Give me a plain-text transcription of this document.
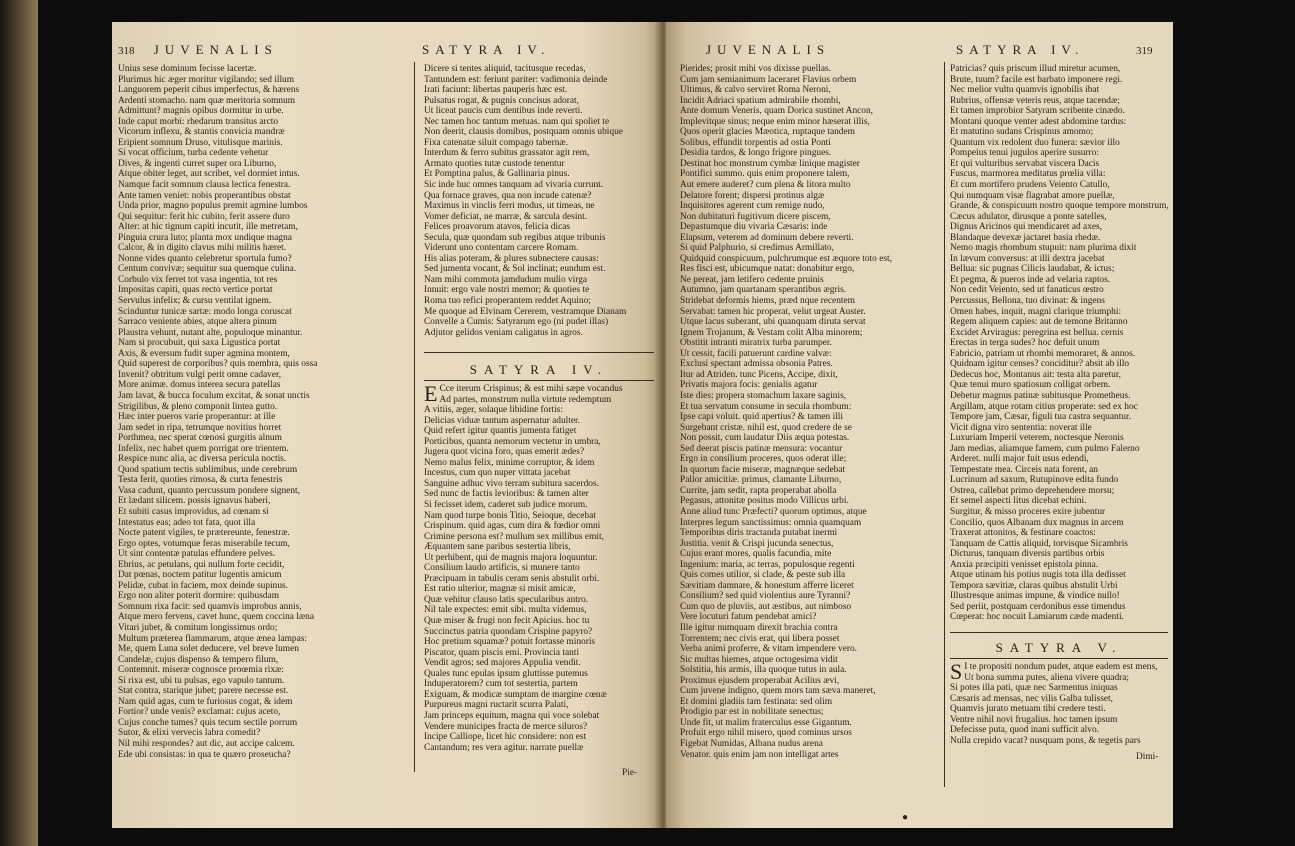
318 JUVENALIS	SATYRA IV.
Unius sese dominum fecisse lacertæ.
Plurimus hic æger moritur vigilando; sed illum
Languorem peperit cibus imperfectus, & hærens
Ardenti stomacho. nam quæ meritoria somnum
Admittunt? magnis opibus dormitur in urbe.
Inde caput morbi: rhedarum transitus arcto
Vicorum inflexu, & stantis convicia mandræ
Eripient somnum Druso, vitulisque marinis.
Si vocat officium, turba cedente vehetur
Dives, & ingenti curret super ora Liburno,
Atque obiter leget, aut scribet, vel dormiet intus.
Namque facit somnum clausa lectica fenestra.
Ante tamen veniet: nobis properantibus obstat
Unda prior, magno populus premit agmine lumbos
Qui sequitur: ferit hic cubito, ferit assere duro
Alter: at hic tignum capiti incutit, ille metretam,
Pinguia crura luto; planta mox undique magna
Calcor, & in digito clavus mihi militis hæret.
Nonne vides quanto celebretur sportula fumo?
Centum convivæ; sequitur sua quemque culina.
Corbulo vix ferret tot vasa ingentia, tot res
Impositas capiti, quas recto vertice portat
Servulus infelix; & cursu ventilat ignem.
Scinduntur tunicæ sartæ: modo longa coruscat
Sarraco veniente abies, atque altera pinum
Plaustra vehunt, nutant alte, populoque minantur.
Nam si procubuit, qui saxa Ligustica portat
Axis, & eversum fudit super agmina montem,
Quid superest de corporibus? quis membra, quis ossa
Invenit? obtritum vulgi perit omne cadaver,
More animæ. domus interea secura patellas
Jam lavat, & bucca foculum excitat, & sonat unctis
Strigilibus, & pleno componit lintea gutto.
Hæc inter pueros varie properantur: at ille
Jam sedet in ripa, tetrumque novitius horret
Porthmea, nec sperat cœnosi gurgitis alnum
Infelix, nec habet quem porrigat ore trientem.
Respice nunc alia, ac diversa pericula noctis.
Quod spatium tectis sublimibus, unde cerebrum
Testa ferit, quoties rimosa, & curta fenestris
Vasa cadunt, quanto percussum pondere signent,
Et lædant silicem. possis ignavus haberi,
Et subiti casus improvidus, ad cœnam si
Intestatus eas; adeo tot fata, quot illa
Nocte patent vigiles, te prætereunte, fenestræ.
Ergo optes, votumque feras miserabile tecum,
Ut sint contentæ patulas effundere pelves.
Ebrius, ac petulans, qui nullum forte cecidit,
Dat pœnas, noctem patitur lugentis amicum
Pelidæ, cubat in faciem, mox deinde supinus.
Ergo non aliter poterit dormire: quibusdam
Somnum rixa facit: sed quamvis improbus annis,
Atque mero fervens, cavet hunc, quem coccina læna
Vitari jubet, & comitum longissimus ordo;
Multum præterea flammarum, atque ænea lampas:
Me, quem Luna solet deducere, vel breve lumen
Candelæ, cujus dispenso & tempero filum,
Contemnit. miseræ cognosce proœmia rixæ:
Si rixa est, ubi tu pulsas, ego vapulo tantum.
Stat contra, starique jubet; parere necesse est.
Nam quid agas, cum te furiosus cogat, & idem
Fortior? unde venis? exclamat: cujus aceto,
Cujus conche tumes? quis tecum sectile porrum
Sutor, & elixi vervecis labra comedit?
Nil mihi respondes? aut dic, aut accipe calcem.
Ede ubi consistas: in qua te quæro proseucha?
Dicere si tentes aliquid, tacitusque recedas,
Tantundem est: feriunt pariter: vadimonia deinde
Irati faciunt: libertas pauperis hæc est.
Pulsatus rogat, & pugnis concisus adorat,
Ut liceat paucis cum dentibus inde reverti.
Nec tamen hoc tantum metuas. nam qui spoliet te
Non deerit, clausis domibus, postquam omnis ubique
Fixa catenatæ siluit compago tabernæ.
Interdum & ferro subitus grassator agit rem,
Armato quoties tutæ custode tenentur
Et Pomptina palus, & Gallinaria pinus.
Sic inde huc omnes tanquam ad vivaria currunt.
Qua fornace graves, qua non incude catenæ?
Maximus in vinclis ferri modus, ut timeas, ne
Vomer deficiat, ne marræ, & sarcula desint.
Felices proavorum atavos, felicia dicas
Secula, quæ quondam sub regibus atque tribunis
Viderunt uno contentam carcere Romam.
His alias poteram, & plures subnectere causas:
Sed jumenta vocant, & Sol inclinat; eundum est.
Nam mihi commota jamdudum mulio virga
Innuit: ergo vale nostri memor; & quoties te
Roma tuo refici properantem reddet Aquino;
Me quoque ad Elvinam Cererem, vestramque Dianam
Convelle a Cumis: Satyrarum ego (ni pudet illas)
Adjutor gelidos veniam caligatus in agros.
SATYRA IV.
E Cce iterum Crispinus; & est mihi sæpe vocandus
Ad partes, monstrum nulla virtute redemptum
A vitiis, æger, solaque libidine fortis:
Delicias viduæ tantum aspernatur adulter.
Quid refert igitur quantis jumenta fatiget
Porticibus, quanta nemorum vectetur in umbra,
Jugera quot vicina foro, quas emerit ædes?
Nemo malus felix, minime corruptor, & idem
Incestus, cum quo nuper vittata jacebat
Sanguine adhuc vivo terram subitura sacerdos.
Sed nunc de factis levioribus: & tamen alter
Si fecisset idem, caderet sub judice morum.
Nam quod turpe bonis Titio, Seioque, decebat
Crispinum. quid agas, cum dira & fœdior omni
Crimine persona est? mullum sex millibus emit,
Æquantem sane paribus sestertia libris,
Ut perhibent, qui de magnis majora loquuntur.
Consilium laudo artificis, si munere tanto
Præcipuam in tabulis ceram senis abstulit orbi.
Est ratio ulterior, magnæ si misit amicæ,
Quæ vehitur clauso latis specularibus antro.
Nil tale expectes: emit sibi. multa videmus,
Quæ miser & frugi non fecit Apicius. hoc tu
Succinctus patria quondam Crispine papyro?
Hoc pretium squamæ? potuit fortasse minoris
Piscator, quam piscis emi. Provincia tanti
Vendit agros; sed majores Appulia vendit.
Quales tunc epulas ipsum gluttisse putemus
Induperatorem? cum tot sestertia, partem
Exiguam, & modicæ sumptam de margine cœnæ
Purpureus magni ructarit scurra Palati,
Jam princeps equitum, magna qui voce solebat
Vendere municipes fracta de merce siluros?
Incipe Calliope, licet hic considere: non est
Cantandum; res vera agitur. narrate puellæ
Pie-
JUVENALIS	SATYRA IV.	319
Pierides; prosit mihi vos dixisse puellas.
Cum jam semianimum laceraret Flavius orbem
Ultimus, & calvo serviret Roma Neroni,
Incidit Adriaci spatium admirabile rhombi,
Ante domum Veneris, quam Dorica sustinet Ancon,
Implevitque sinus; neque enim minor hæserat illis,
Quos operit glacies Mæotica, ruptaque tandem
Solibus, effundit torpentis ad ostia Ponti
Desidia tardos, & longo frigore pingues.
Destinat hoc monstrum cymbæ linique magister
Pontifici summo. quis enim proponere talem,
Aut emere auderet? cum plena & litora multo
Delatore forent; dispersi protinus algæ
Inquisitores agerent cum remige nudo,
Non dubitaturi fugitivum dicere piscem,
Depastumque diu vivaria Cæsaris: inde
Elapsum, veterem ad dominum debere reverti.
Si quid Palphurio, si credimus Armillato,
Quidquid conspicuum, pulchrumque est æquore toto est,
Res fisci est, ubicumque natat: donabitur ergo,
Ne pereat, jam letifero cedente pruinis
Autumno, jam quartanam sperantibus ægris.
Stridebat deformis hiems, præd nque recentem
Servabat: tamen hic properat, velut urgeat Auster.
Utque lacus suberant, ubi quanquam diruta servat
Ignem Trojanum, & Vestam colit Alba minorem;
Obstitit intranti miratrix turba parumper.
Ut cessit, facili patuerunt cardine valvæ:
Exclusi spectant admissa obsonia Patres.
Itur ad Atriden. tunc Picens, Accipe, dixit,
Privatis majora focis: genialis agatur
Iste dies: propera stomachum laxare saginis,
Et tua servatum consume in secula rhombum:
Ipse capi voluit. quid apertius? & tamen illi
Surgebant cristæ. nihil est, quod credere de se
Non possit, cum laudatur Diis æqua potestas.
Sed deerat piscis patinæ mensura: vocantur
Ergo in consilium proceres, quos oderat ille;
In quorum facie miseræ, magnæque sedebat
Pallor amicitiæ. primus, clamante Liburno,
Currite, jam sedit, rapta properabat abolla
Pegasus, attonitæ positus modo Villicus urbi.
Anne aliud tunc Præfecti? quorum optimus, atque
Interpres legum sanctissimus: omnia quamquam
Temporibus diris tractanda putabat inermi
Justitia. venit & Crispi jucunda senectus,
Cujus erant mores, qualis facundia, mite
Ingenium: maria, ac terras, populosque regenti
Quis comes utilior, si clade, & peste sub illa
Sævitiam damnare, & honestum afferre liceret
Consilium? sed quid violentius aure Tyranni?
Cum quo de pluviis, aut æstibus, aut nimboso
Vere locuturi fatum pendebat amici?
Ille igitur numquam direxit brachia contra
Torrentem; nec civis erat, qui libera posset
Verba animi proferre, & vitam impendere vero.
Sic multas hiemes, atque octogesima vidit
Solstitia, his armis, illa quoque tutus in aula.
Proximus ejusdem properabat Acilius ævi,
Cum juvene indigno, quem mors tam sæva maneret,
Et domini gladiis tam festinata: sed olim
Prodigio par est in nobilitate senectus;
Unde fit, ut malim fraterculus esse Gigantum.
Profuit ergo nihil misero, quod cominus ursos
Figebat Numidas, Albana nudus arena
Venator. quis enim jam non intelligat artes
Patricias? quis priscum illud miretur acumen,
Brute, tuum? facile est barbato imponere regi.
Nec melior vultu quamvis ignobilis ibat
Rubrius, offensæ veteris reus, atque tacendæ;
Et tamen improbior Satyram scribente cinædo.
Montani quoque venter adest abdomine tardus:
Et matutino sudans Crispinus amomo;
Quantum vix redolent duo funera: sævior illo
Pompeius tenui jugulos aperire susurro:
Et qui vulturibus servabat viscera Dacis
Fuscus, marmorea meditatus prœlia villa:
Et cum mortifero prudens Veiento Catullo,
Qui numquam visæ flagrabat amore puellæ,
Grande, & conspicuum nostro quoque tempore monstrum,
Cæcus adulator, dirusque a ponte satelles,
Dignus Aricinos qui mendicaret ad axes,
Blandaque devexæ jactaret basia rhedæ.
Nemo magis rhombum stupuit: nam plurima dixit
In lævum conversus: at illi dextra jacebat
Bellua: sic pugnas Cilicis laudabat, & ictus;
Et pegma, & pueros inde ad velaria raptos.
Non cedit Veiento, sed ut fanaticus œstro
Percussus, Bellona, tuo divinat: & ingens
Omen habes, inquit, magni clarique triumphi:
Regem aliquem capies: aut de temone Britanno
Excidet Arviragus: peregrina est bellua. cernis
Erectas in terga sudes? hoc defuit unum
Fabricio, patriam ut rhombi memoraret, & annos.
Quidnam igitur censes? conciditur? absit ab illo
Dedecus hoc, Montanus ait: testa alta paretur,
Quæ tenui muro spatiosum colligat orbem.
Debetur magnus patinæ subitusque Prometheus.
Argillam, atque rotam citius properate: sed ex hoc
Tempore jam, Cæsar, figuli tua castra sequantur.
Vicit digna viro sententia: noverat ille
Luxuriam Imperii veterem, noctesque Neronis
Jam medias, aliamque famem, cum pulmo Falerno
Arderet. nulli major fuit usus edendi,
Tempestate mea. Circeis nata forent, an
Lucrinum ad saxum, Rutupinove edita fundo
Ostrea, callebat primo deprehendere morsu;
Et semel aspecti litus dicebat echini.
Surgitur, & misso proceres exire jubentur
Concilio, quos Albanam dux magnus in arcem
Traxerat attonitos, & festinare coactos:
Tanquam de Cattis aliquid, torvisque Sicambris
Dicturus, tanquam diversis partibus orbis
Anxia præcipiti venisset epistola pinna.
Atque utinam his potius nugis tota illa dedisset
Tempora sævitiæ, claras quibus abstulit Urbi
Illustresque animas impune, & vindice nullo!
Sed periit, postquam cerdonibus esse timendus
Cœperat: hoc nocuit Lamiarum cæde madenti.
SATYRA V.
S I te propositi nondum pudet, atque eadem est mens,
Ut bona summa putes, aliena vivere quadra;
Si potes illa pati, quæ nec Sarmentus iniquas
Cæsaris ad mensas, nec vilis Galba tulisset,
Quamvis jurato metuam tibi credere testi.
Ventre nihil novi frugalius. hoc tamen ipsum
Defecisse puta, quod inani sufficit alvo.
Nulla crepido vacat? nusquam pons, & tegetis pars
Dimi-
●
